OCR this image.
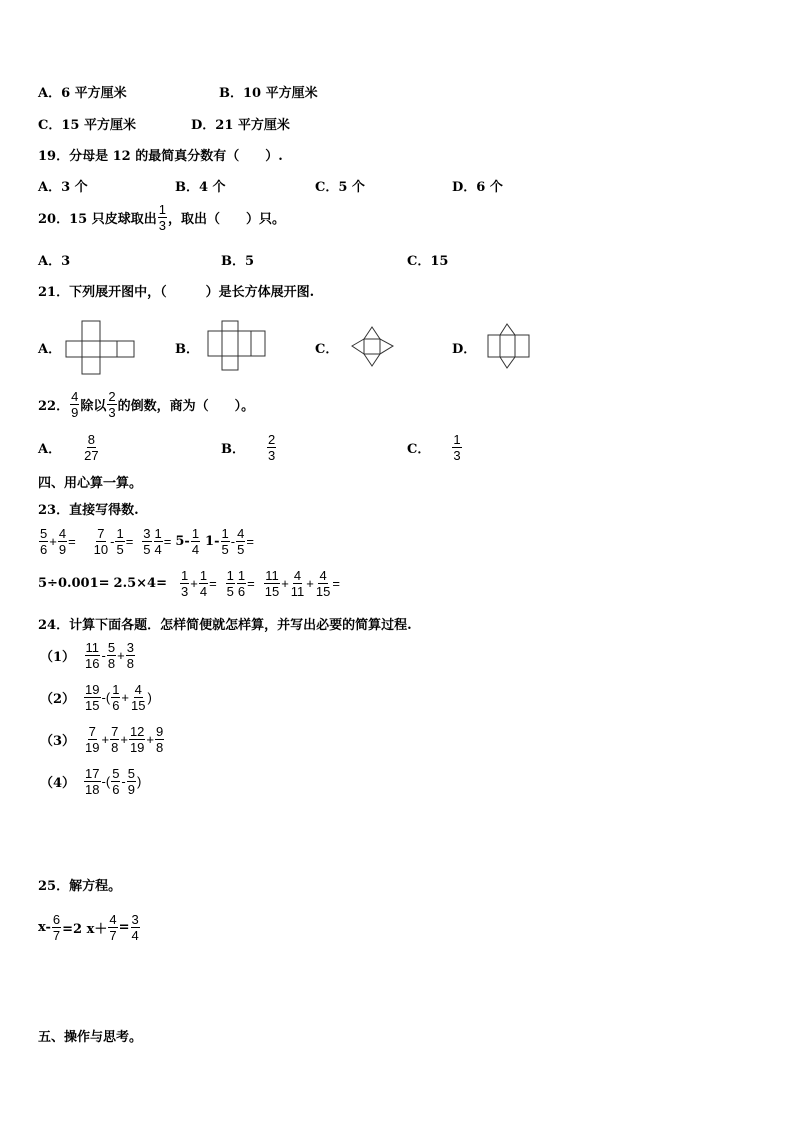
A．6 平方厘米	B．10 平方厘米
C．15 平方厘米	D．21 平方厘米
19．分母是 12 的最简真分数有（　　）.
A．3 个	B．4 个	C．5 个	D．6 个
20．15 只皮球取出 $\frac{1}{3}$ ，取出（　　）只。
A．3	B．5	C．15
21．下列展开图中，（　　　）是长方体展开图.
A．	B．	C．	D．
22． $\frac{4}{9}$ 除以 $\frac{2}{3}$ 的倒数，商为（　　）。
A． $\frac{8}{27}$	B． $\frac{2}{3}$	C． $\frac{1}{3}$
四、用心算一算。
23．直接写得数.
$\frac{5}{6} + \frac{4}{9} = \frac{7}{10} - \frac{1}{5} = \frac{3}{5} \frac{1}{4} = 5- \frac{1}{4} 1- \frac{1}{5} - \frac{4}{5}$ =
$5\div 0.001= 2.5\times 4= \frac{1}{3} + \frac{1}{4} = \frac{1}{5} \frac{1}{6} = \frac{11}{15} + \frac{4}{11} + \frac{4}{15}$ =
24．计算下面各题．怎样简便就怎样算，并写出必要的简算过程.
$(1) \frac{11}{16} - \frac{5}{8} + \frac{3}{8}$
$(2) \frac{19}{15}$ -( $\frac{1}{6} + \frac{4}{15}$ )
$(3) \frac{7}{19} + \frac{7}{8} + \frac{12}{19} + \frac{9}{8}$
$(4) \frac{17}{18}$ -( $\frac{5}{6} - \frac{5}{9}$ )
25．解方程。
$x- \frac{6}{7} =2$ $x+ \frac{4}{7} = \frac{3}{4}$
五、操作与思考。
